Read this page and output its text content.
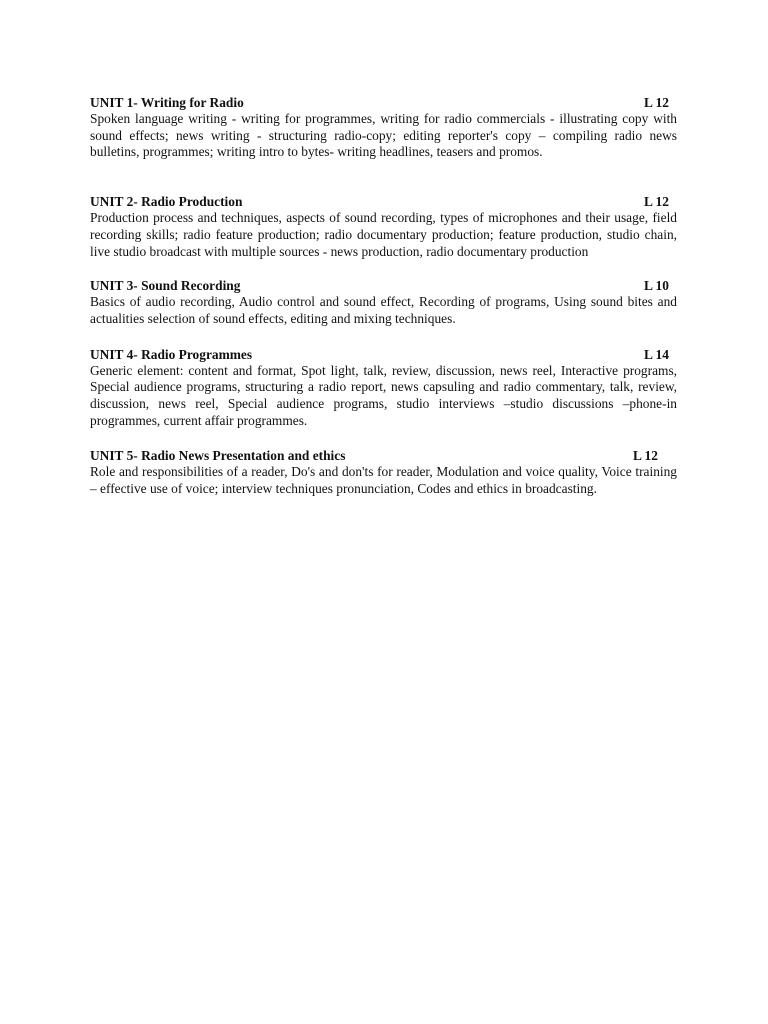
UNIT 1- Writing for Radio	L 12

Spoken language writing - writing for programmes, writing for radio commercials - illustrating copy with sound effects; news writing - structuring radio-copy; editing reporter's copy – compiling radio news bulletins, programmes; writing intro to bytes- writing headlines, teasers and promos.

UNIT 2- Radio Production	L 12

Production process and techniques, aspects of sound recording, types of microphones and their usage, field recording skills; radio feature production; radio documentary production; feature production, studio chain, live studio broadcast with multiple sources - news production, radio documentary production

UNIT 3- Sound Recording	L 10

Basics of audio recording, Audio control and sound effect, Recording of programs, Using sound bites and actualities selection of sound effects, editing and mixing techniques.

UNIT 4- Radio Programmes	L 14

Generic element: content and format, Spot light, talk, review, discussion, news reel, Interactive programs, Special audience programs, structuring a radio report, news capsuling and radio commentary, talk, review, discussion, news reel, Special audience programs, studio interviews –studio discussions –phone-in programmes, current affair programmes.

UNIT 5- Radio News Presentation and ethics	L 12

Role and responsibilities of a reader, Do's and don'ts for reader, Modulation and voice quality, Voice training – effective use of voice; interview techniques pronunciation, Codes and ethics in broadcasting.
